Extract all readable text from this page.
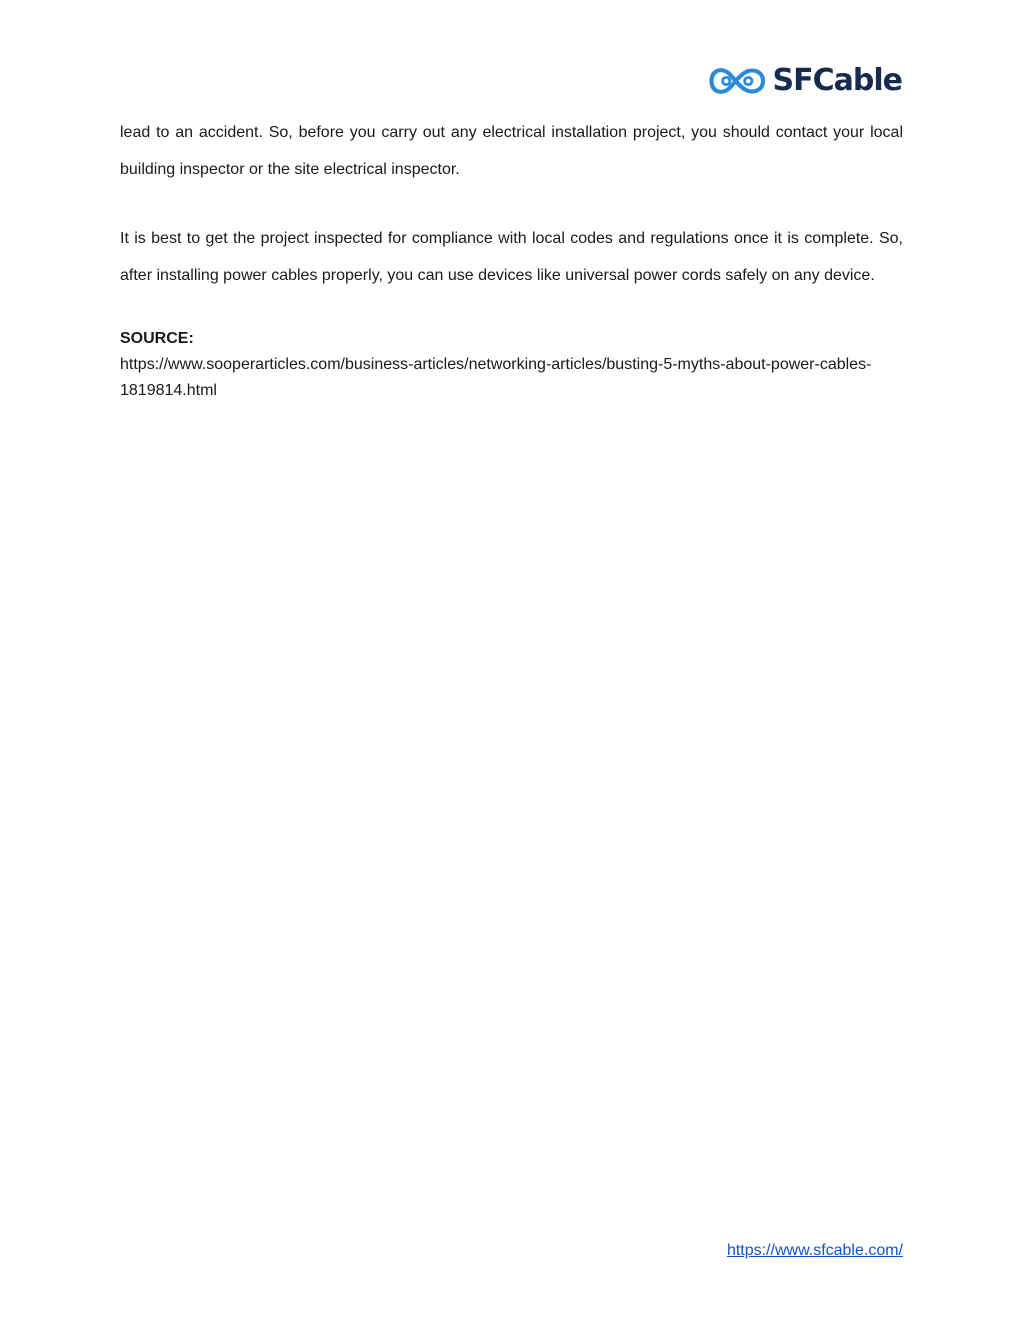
SFCable

lead to an accident. So, before you carry out any electrical installation project, you should contact your local building inspector or the site electrical inspector.

It is best to get the project inspected for compliance with local codes and regulations once it is complete. So, after installing power cables properly, you can use devices like universal power cords safely on any device.

SOURCE:

https://www.sooperarticles.com/business-articles/networking-articles/busting-5-myths-about-power-cables-1819814.html

https://www.sfcable.com/
